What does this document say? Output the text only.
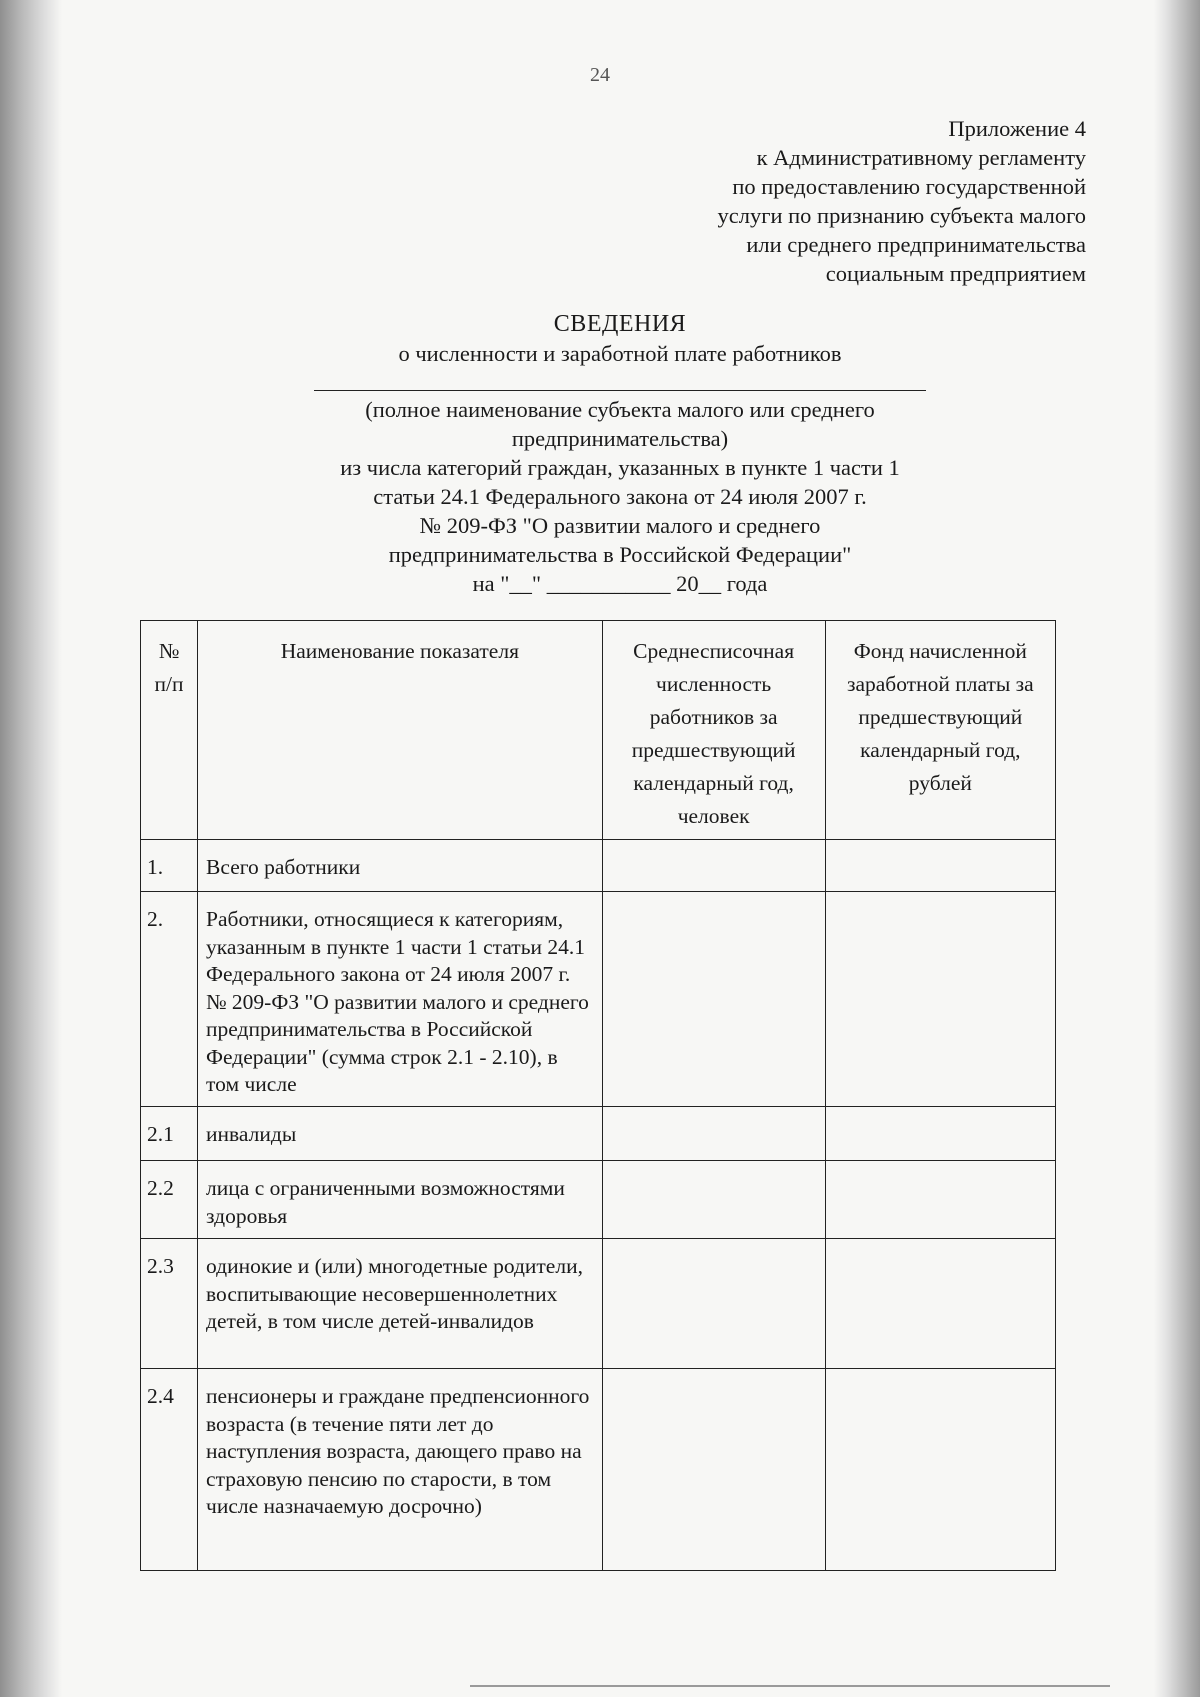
24
Приложение 4
к Административному регламенту
по предоставлению государственной
услуги по признанию субъекта малого
или среднего предпринимательства
социальным предприятием
СВЕДЕНИЯ
о численности и заработной плате работников
(полное наименование субъекта малого или среднего
предпринимательства)
из числа категорий граждан, указанных в пункте 1 части 1
статьи 24.1 Федерального закона от 24 июля 2007 г.
№ 209-ФЗ "О развитии малого и среднего
предпринимательства в Российской Федерации"
на "__" ___________ 20__ года
№ п/п	Наименование показателя	Среднесписочная численность работников за предшествующий календарный год, человек	Фонд начисленной заработной платы за предшествующий календарный год, рублей
1.	Всего работники		
2.	Работники, относящиеся к категориям, указанным в пункте 1 части 1 статьи 24.1 Федерального закона от 24 июля 2007 г. № 209-ФЗ "О развитии малого и среднего предпринимательства в Российской Федерации" (сумма строк 2.1 - 2.10), в том числе		
2.1	инвалиды		
2.2	лица с ограниченными возможностями здоровья		
2.3	одинокие и (или) многодетные родители, воспитывающие несовершеннолетних детей, в том числе детей-инвалидов		
2.4	пенсионеры и граждане предпенсионного возраста (в течение пяти лет до наступления возраста, дающего право на страховую пенсию по старости, в том числе назначаемую досрочно)		
